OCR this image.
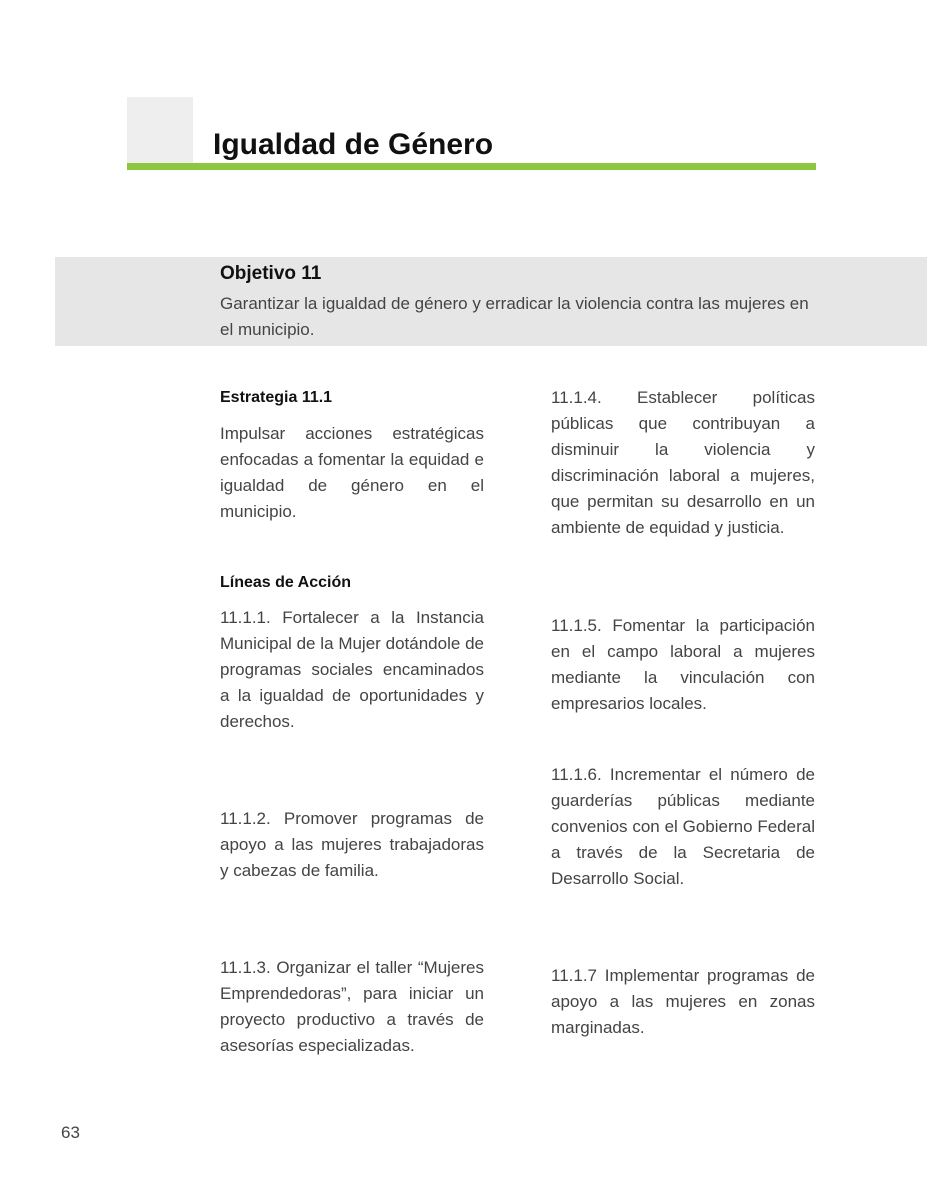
Igualdad de Género
Objetivo 11

Garantizar la igualdad de género y erradicar la violencia contra las mujeres en el municipio.

Estrategia 11.1

Impulsar acciones estratégicas enfocadas a fomentar la equidad e igualdad de género en el municipio.

Líneas de Acción

11.1.1. Fortalecer a la Instancia Municipal de la Mujer dotándole de programas sociales encaminados a la igualdad de oportunidades y derechos.

11.1.2. Promover programas de apoyo a las mujeres trabajadoras y cabezas de familia.

11.1.3. Organizar el taller “Mujeres Emprendedoras”, para iniciar un proyecto productivo a través de asesorías especializadas.

11.1.4. Establecer políticas públicas que contribuyan a disminuir la violencia y discriminación laboral a mujeres, que permitan su desarrollo en un ambiente de equidad y justicia.

11.1.5. Fomentar la participación en el campo laboral a mujeres mediante la vinculación con empresarios locales.

11.1.6. Incrementar el número de guarderías públicas mediante convenios con el Gobierno Federal a través de la Secretaria de Desarrollo Social.

11.1.7 Implementar programas de apoyo a las mujeres en zonas marginadas.

63
